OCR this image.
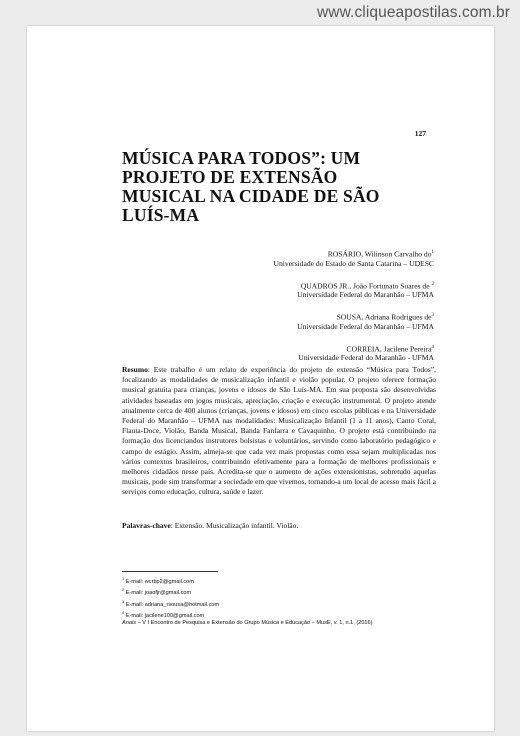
www.cliqueapostilas.com.br
127
MÚSICA PARA TODOS”: UM PROJETO DE EXTENSÃO MUSICAL NA CIDADE DE SÃO LUÍS-MA
ROSÁRIO, Wilinson Carvalho $do^1$
Universidade do Estado de Santa Catarina – UDESC
QUADROS JR., João Fortunato Soares de $^2$
Universidade Federal do Maranhão – UFMA
SOUSA, Adriana Rodrigues $de^3$
Universidade Federal do Maranhão – UFMA
CORREIA, Jacilene Pereira$^4$
Universidade Federal do Maranhão - UFMA

Resumo: Este trabalho é um relato de experiência do projeto de extensão “Música para Todos”, focalizando as modalidades de musicalização infantil e violão popular. O projeto oferece formação musical gratuita para crianças, jovens e idosos de São Luís-MA. Em sua proposta são desenvolvidas atividades baseadas em jogos musicais, apreciação, criação e execução instrumental. O projeto atende atualmente cerca de 400 alunos (crianças, jovens e idosos) em cinco escolas públicas e na Universidade Federal do Maranhão – UFMA nas modalidades: Musicalização Infantil (1 a 11 anos), Canto Coral, Flauta-Doce, Violão, Banda Musical, Banda Fanfarra e Cavaquinho. O projeto está contribuindo na formação dos licenciandos instrutores bolsistas e voluntários, servindo como laboratório pedagógico e campo de estágio. Assim, almeja-se que cada vez mais propostas como essa sejam multiplicadas nos vários contextos brasileiros, contribuindo efetivamente para a formação de melhores profissionais e melhores cidadãos nesse país. Acredita-se que o aumento de ações extensionistas, sobretudo aquelas musicais, pode sim transformar a sociedade em que vivemos, tornando-a um local de acesso mais fácil a serviços como educação, cultura, saúde e lazer.

Palavras-chave: Extensão. Musicalização infantil. Violão.

$^1$ E-mail: wcrbp2@gmail.com
$^2$ E-mail: joaofjr@gmail.com
$^3$ E-mail: adriana_rsousa@hotmail.com
$^4$ E-mail: jacilene100@gmail.com
Anais – V I Encontro de Pesquisa e Extensão do Grupo Música e Educação – MusE, v. 1, n.1, (2016)
